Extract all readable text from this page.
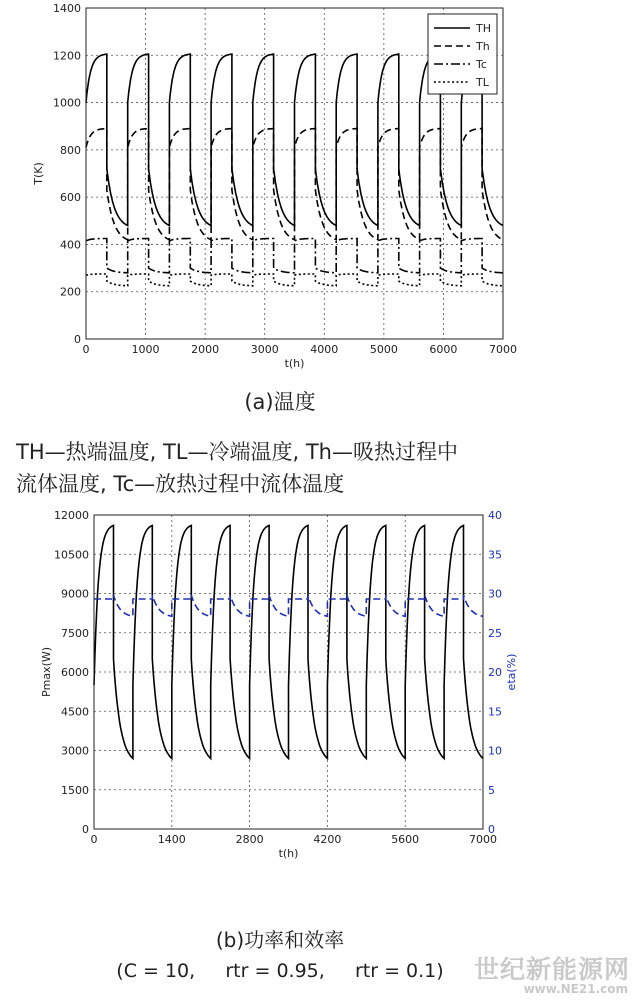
0	1000	2000	3000	4000	5000	6000	7000
0
200
400
600
800
1000
1200
1400
t(h)
T(K)
TH
Th
Tc
TL
0	1400	2800	4200	5600	7000
0
1500
3000
4500
6000
7500
9000
10500
12000
0
5
10
15
20
25
30
35
40
t(h)
Pmax(W)	eta(%)
(a)温度
TH—热端温度, TL—冷端温度, Th—吸热过程中
流体温度, Tc—放热过程中流体温度
(b)功率和效率
(C = 10,     rtr = 0.95,     rtr = 0.1)	世纪新能源网
www.NE21.com
